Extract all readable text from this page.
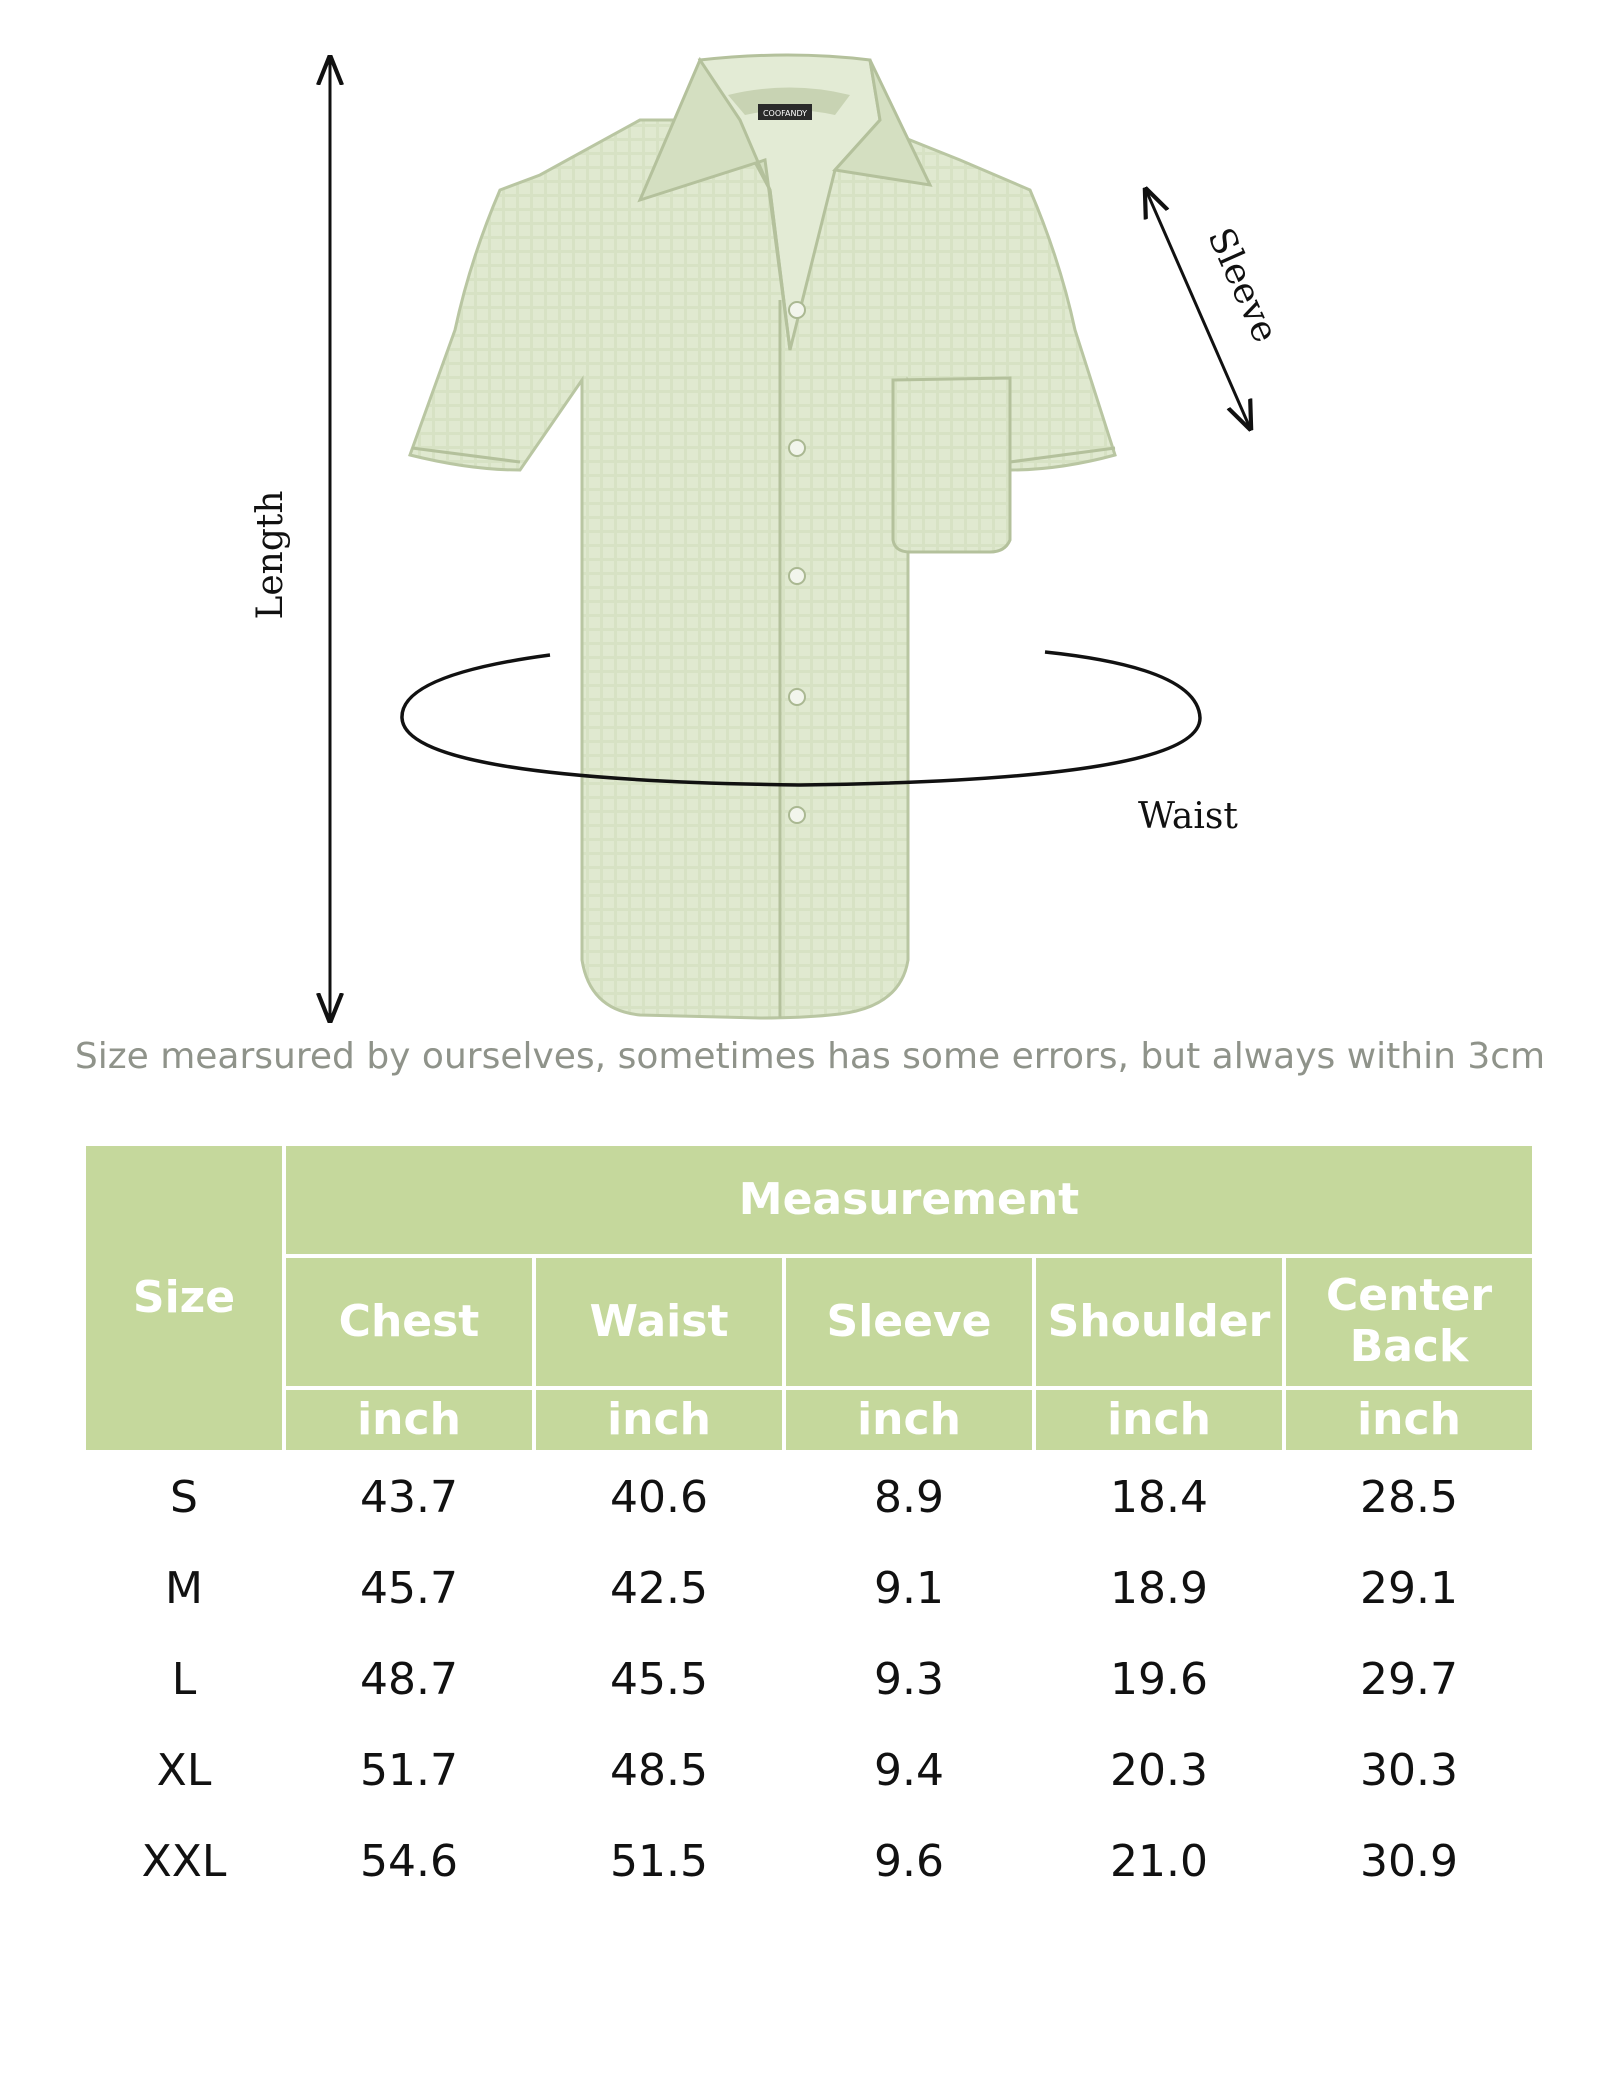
COOFANDY
Length
Sleeve
Waist
Size mearsured by ourselves, sometimes has some errors, but always within 3cm
Size	Measurement				
	Chest	Waist	Sleeve	Shoulder	Center Back
	inch	inch	inch	inch	inch
S	43.7	40.6	8.9	18.4	28.5
M	45.7	42.5	9.1	18.9	29.1
L	48.7	45.5	9.3	19.6	29.7
XL	51.7	48.5	9.4	20.3	30.3
XXL	54.6	51.5	9.6	21.0	30.9
